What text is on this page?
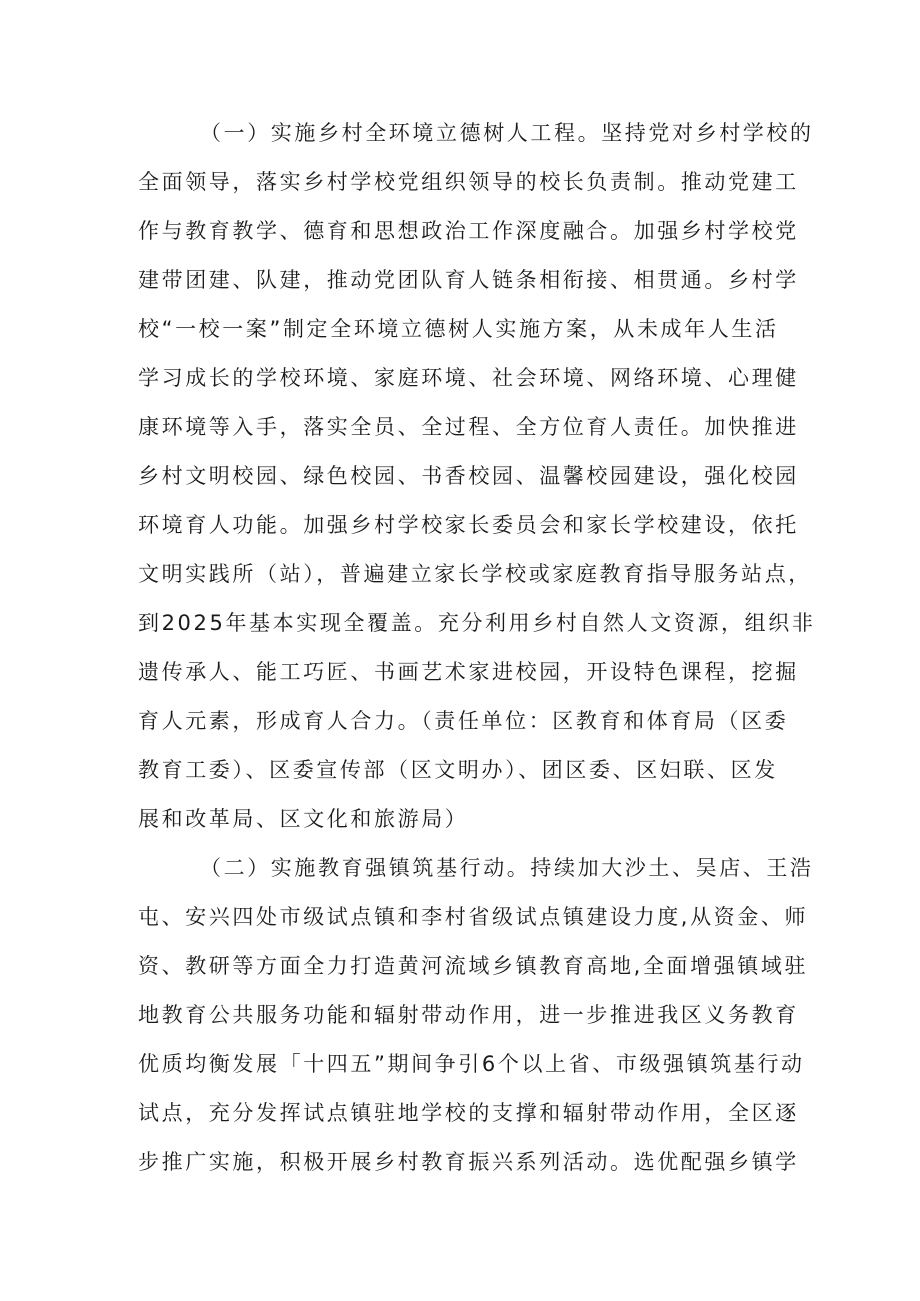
（一）实施乡村全环境立德树人工程。坚持党对乡村学校的
全面领导，落实乡村学校党组织领导的校长负责制。推动党建工
作与教育教学、德育和思想政治工作深度融合。加强乡村学校党
建带团建、队建，推动党团队育人链条相衔接、相贯通。乡村学
校“一校一案”制定全环境立德树人实施方案，从未成年人生活
学习成长的学校环境、家庭环境、社会环境、网络环境、心理健
康环境等入手，落实全员、全过程、全方位育人责任。加快推进
乡村文明校园、绿色校园、书香校园、温馨校园建设，强化校园
环境育人功能。加强乡村学校家长委员会和家长学校建设，依托
文明实践所（站），普遍建立家长学校或家庭教育指导服务站点，
到2025年基本实现全覆盖。充分利用乡村自然人文资源，组织非
遗传承人、能工巧匠、书画艺术家进校园，开设特色课程，挖掘
育人元素，形成育人合力。（责任单位：区教育和体育局（区委
教育工委）、区委宣传部（区文明办）、团区委、区妇联、区发
展和改革局、区文化和旅游局）
（二）实施教育强镇筑基行动。持续加大沙土、吴店、王浩
屯、安兴四处市级试点镇和李村省级试点镇建设力度,从资金、师
资、教研等方面全力打造黄河流域乡镇教育高地,全面增强镇域驻
地教育公共服务功能和辐射带动作用，进一步推进我区义务教育
优质均衡发展「十四五”期间争引6个以上省、市级强镇筑基行动
试点，充分发挥试点镇驻地学校的支撑和辐射带动作用，全区逐
步推广实施，积极开展乡村教育振兴系列活动。选优配强乡镇学
